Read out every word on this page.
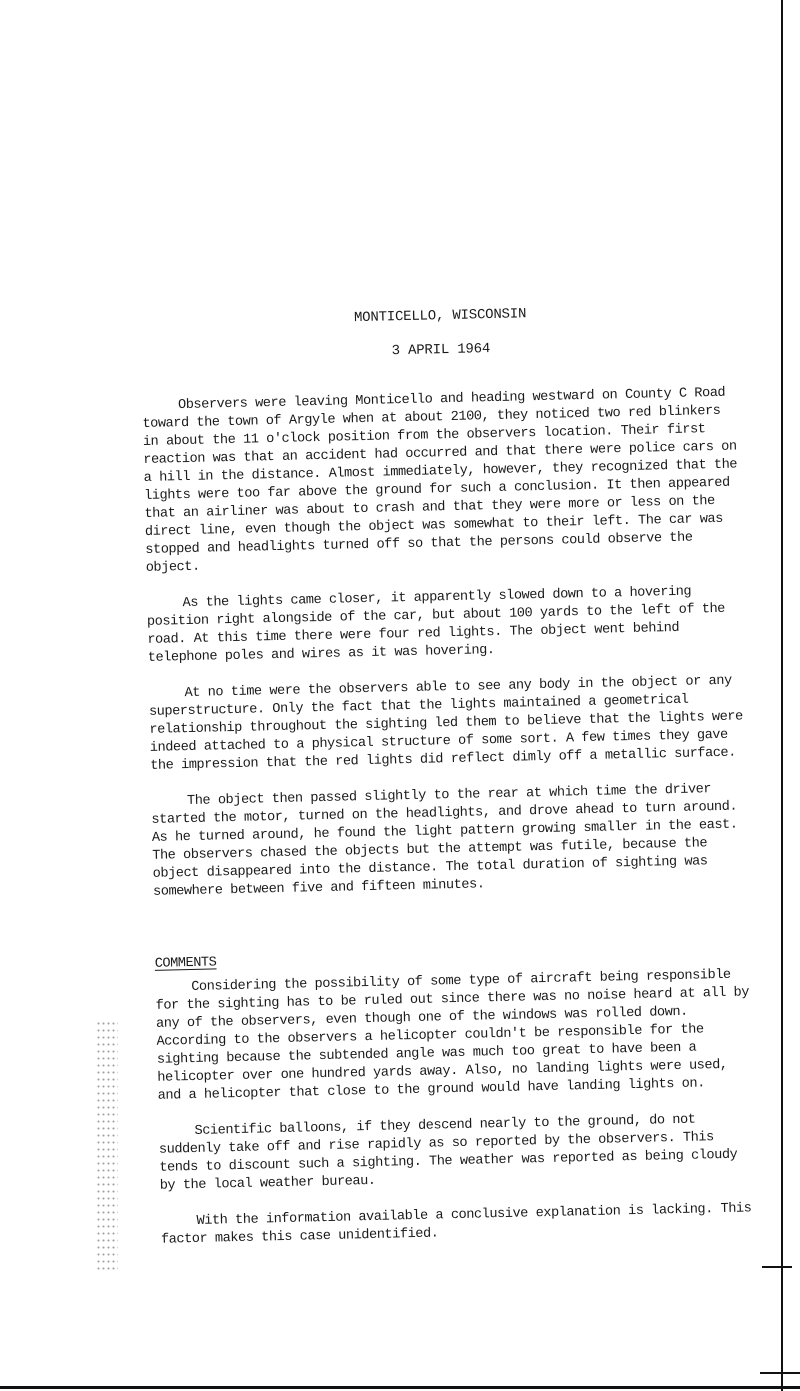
MONTICELLO, WISCONSIN
3 APRIL 1964

Observers were leaving Monticello and heading westward on County C Road toward the town of Argyle when at about 2100, they noticed two red blinkers in about the 11 o'clock position from the observers location. Their first reaction was that an accident had occurred and that there were police cars on a hill in the distance. Almost immediately, however, they recognized that the lights were too far above the ground for such a conclusion. It then appeared that an airliner was about to crash and that they were more or less on the direct line, even though the object was somewhat to their left. The car was stopped and headlights turned off so that the persons could observe the object.

As the lights came closer, it apparently slowed down to a hovering position right alongside of the car, but about 100 yards to the left of the road. At this time there were four red lights. The object went behind telephone poles and wires as it was hovering.

At no time were the observers able to see any body in the object or any superstructure. Only the fact that the lights maintained a geometrical relationship throughout the sighting led them to believe that the lights were indeed attached to a physical structure of some sort. A few times they gave the impression that the red lights did reflect dimly off a metallic surface.

The object then passed slightly to the rear at which time the driver started the motor, turned on the headlights, and drove ahead to turn around. As he turned around, he found the light pattern growing smaller in the east. The observers chased the objects but the attempt was futile, because the object disappeared into the distance. The total duration of sighting was somewhere between five and fifteen minutes.

COMMENTS

Considering the possibility of some type of aircraft being responsible for the sighting has to be ruled out since there was no noise heard at all by any of the observers, even though one of the windows was rolled down. According to the observers a helicopter couldn't be responsible for the sighting because the subtended angle was much too great to have been a helicopter over one hundred yards away. Also, no landing lights were used, and a helicopter that close to the ground would have landing lights on.

Scientific balloons, if they descend nearly to the ground, do not suddenly take off and rise rapidly as so reported by the observers. This tends to discount such a sighting. The weather was reported as being cloudy by the local weather bureau.

With the information available a conclusive explanation is lacking. This factor makes this case unidentified.
